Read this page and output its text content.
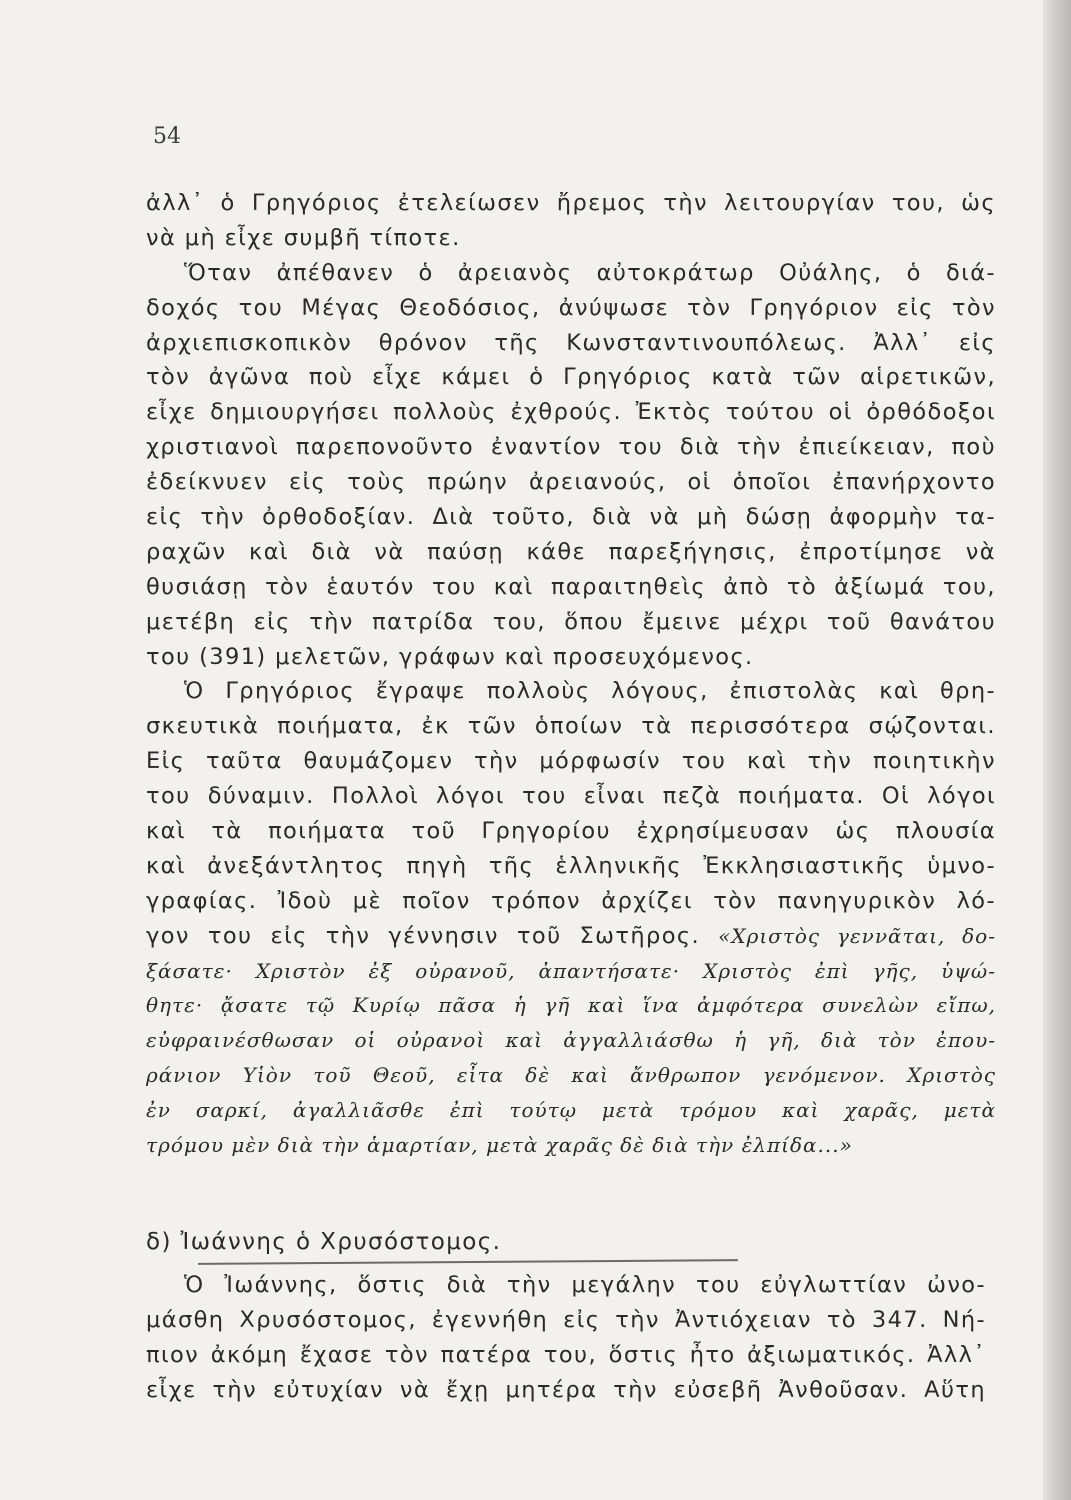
54
ἀλλ᾽ ὁ Γρηγόριος ἐτελείωσεν ἤρεμος τὴν λειτουργίαν του, ὡς
νὰ μὴ εἶχε συμβῆ τίποτε.
Ὅταν ἀπέθανεν ὁ ἀρειανὸς αὐτοκράτωρ Οὐάλης, ὁ διά-
δοχός του Μέγας Θεοδόσιος, ἀνύψωσε τὸν Γρηγόριον εἰς τὸν
ἀρχιεπισκοπικὸν θρόνον τῆς Κωνσταντινουπόλεως. Ἀλλ᾽ εἰς
τὸν ἀγῶνα ποὺ εἶχε κάμει ὁ Γρηγόριος κατὰ τῶν αἱρετικῶν,
εἶχε δημιουργήσει πολλοὺς ἐχθρούς. Ἐκτὸς τούτου οἱ ὀρθόδοξοι
χριστιανοὶ παρεπονοῦντο ἐναντίον του διὰ τὴν ἐπιείκειαν, ποὺ
ἐδείκνυεν εἰς τοὺς πρώην ἀρειανούς, οἱ ὁποῖοι ἐπανήρχοντο
εἰς τὴν ὀρθοδοξίαν. Διὰ τοῦτο, διὰ νὰ μὴ δώσῃ ἀφορμὴν τα-
ραχῶν καὶ διὰ νὰ παύσῃ κάθε παρεξήγησις, ἐπροτίμησε νὰ
θυσιάσῃ τὸν ἑαυτόν του καὶ παραιτηθεὶς ἀπὸ τὸ ἀξίωμά του,
μετέβη εἰς τὴν πατρίδα του, ὅπου ἔμεινε μέχρι τοῦ θανάτου
του (391) μελετῶν, γράφων καὶ προσευχόμενος.
Ὁ Γρηγόριος ἔγραψε πολλοὺς λόγους, ἐπιστολὰς καὶ θρη-
σκευτικὰ ποιήματα, ἐκ τῶν ὁποίων τὰ περισσότερα σῴζονται.
Εἰς ταῦτα θαυμάζομεν τὴν μόρφωσίν του καὶ τὴν ποιητικὴν
του δύναμιν. Πολλοὶ λόγοι του εἶναι πεζὰ ποιήματα. Οἱ λόγοι
καὶ τὰ ποιήματα τοῦ Γρηγορίου ἐχρησίμευσαν ὡς πλουσία
καὶ ἀνεξάντλητος πηγὴ τῆς ἑλληνικῆς Ἐκκλησιαστικῆς ὑμνο-
γραφίας. Ἰδοὺ μὲ ποῖον τρόπον ἀρχίζει τὸν πανηγυρικὸν λό-
γον του εἰς τὴν γέννησιν τοῦ Σωτῆρος. «Χριστὸς γεννᾶται, δο-
ξάσατε· Χριστὸν ἐξ οὐρανοῦ, ἀπαντήσατε· Χριστὸς ἐπὶ γῆς, ὑψώ-
θητε· ᾄσατε τῷ Κυρίῳ πᾶσα ἡ γῆ καὶ ἵνα ἀμφότερα συνελὼν εἴπω,
εὐφραινέσθωσαν οἱ οὐρανοὶ καὶ ἀγγαλλιάσθω ἡ γῆ, διὰ τὸν ἐπου-
ράνιον Υἱὸν τοῦ Θεοῦ, εἶτα δὲ καὶ ἄνθρωπον γενόμενον. Χριστὸς
ἐν σαρκί, ἀγαλλιᾶσθε ἐπὶ τούτῳ μετὰ τρόμου καὶ χαρᾶς, μετὰ
τρόμου μὲν διὰ τὴν ἁμαρτίαν, μετὰ χαρᾶς δὲ διὰ τὴν ἐλπίδα...»
δ) Ἰωάννης ὁ Χρυσόστομος.
Ὁ Ἰωάννης, ὅστις διὰ τὴν μεγάλην του εὐγλωττίαν ὠνο-
μάσθη Χρυσόστομος, ἐγεννήθη εἰς τὴν Ἀντιόχειαν τὸ 347. Νή-
πιον ἀκόμη ἔχασε τὸν πατέρα του, ὅστις ἦτο ἀξιωματικός. Ἀλλ᾽
εἶχε τὴν εὐτυχίαν νὰ ἔχῃ μητέρα τὴν εὐσεβῆ Ἀνθοῦσαν. Αὕτη
